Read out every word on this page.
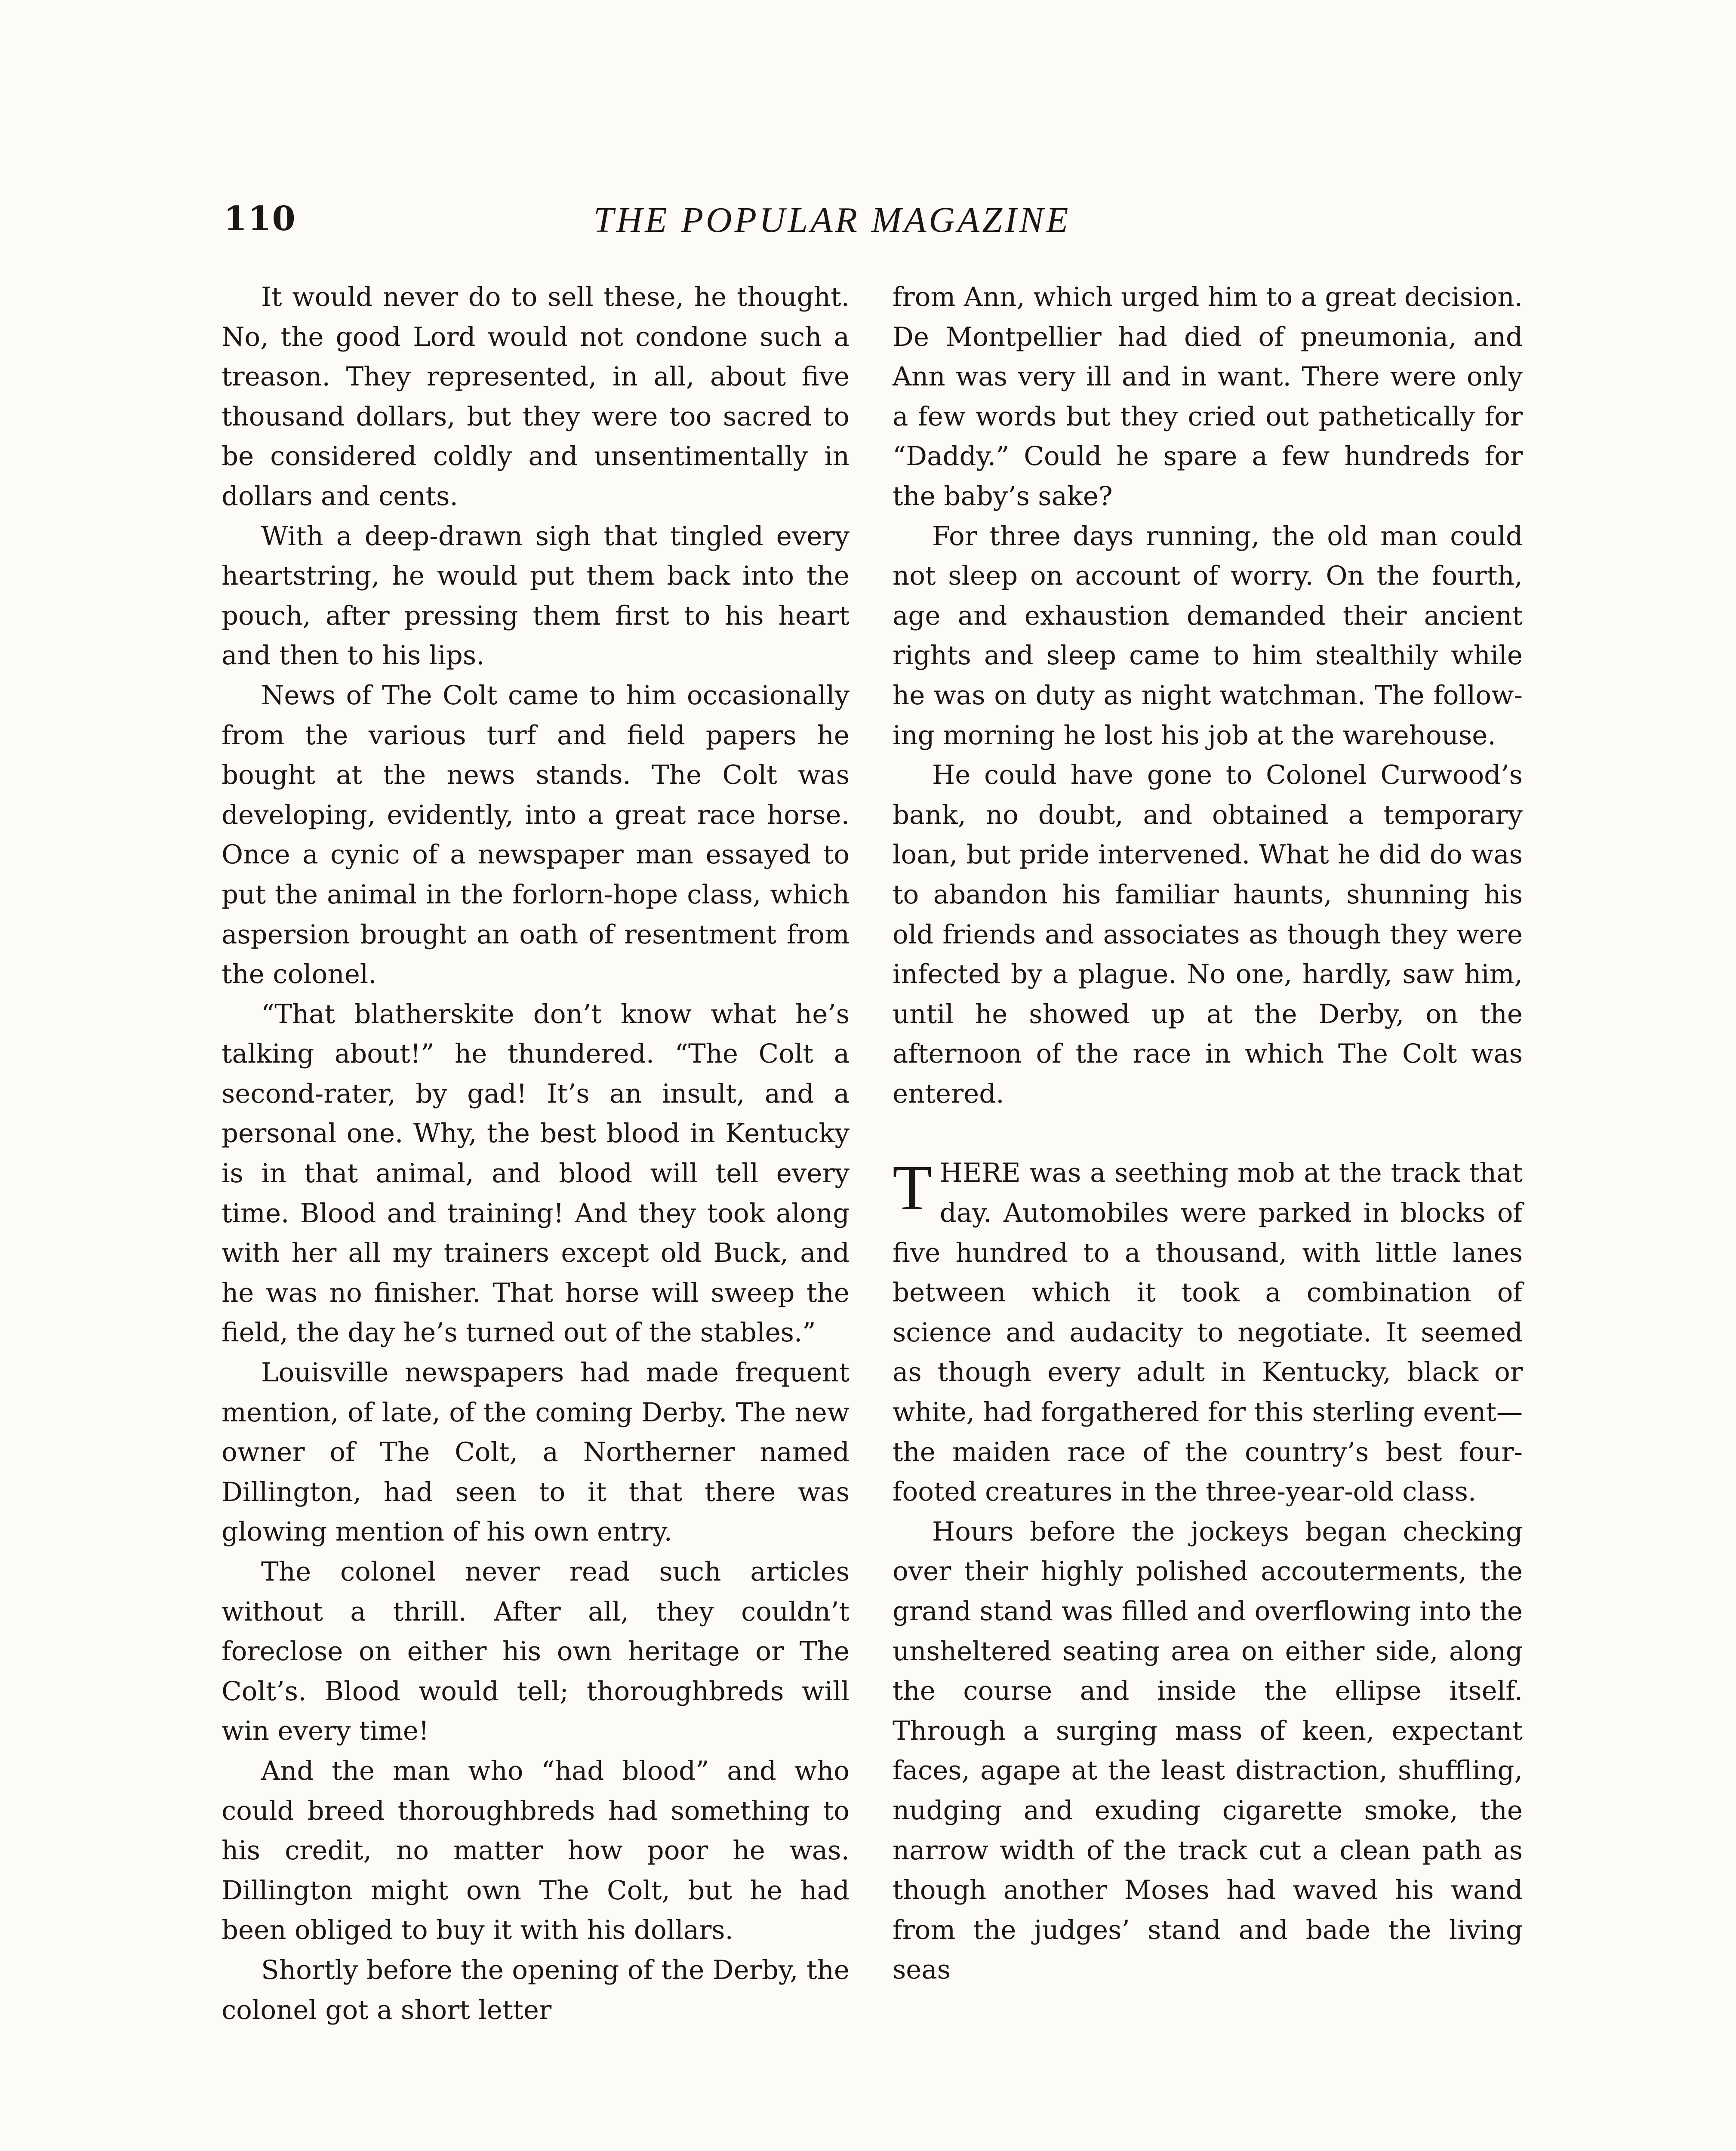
110	THE POPULAR MAGAZINE

It would never do to sell these, he thought. No, the good Lord would not condone such a treason. They represented, in all, about five thousand dollars, but they were too sacred to be considered coldly and unsentimentally in dollars and cents.

With a deep-drawn sigh that tingled every heartstring, he would put them back into the pouch, after pressing them first to his heart and then to his lips.

News of The Colt came to him occasionally from the various turf and field papers he bought at the news stands. The Colt was developing, evidently, into a great race horse. Once a cynic of a newspaper man essayed to put the animal in the forlorn-hope class, which aspersion brought an oath of resentment from the colonel.

“That blatherskite don’t know what he’s talking about!” he thundered. “The Colt a second-rater, by gad! It’s an insult, and a personal one. Why, the best blood in Kentucky is in that animal, and blood will tell every time. Blood and training! And they took along with her all my trainers except old Buck, and he was no finisher. That horse will sweep the field, the day he’s turned out of the stables.”

Louisville newspapers had made frequent mention, of late, of the coming Derby. The new owner of The Colt, a Northerner named Dillington, had seen to it that there was glowing mention of his own entry.

The colonel never read such articles without a thrill. After all, they couldn’t foreclose on either his own heritage or The Colt’s. Blood would tell; thoroughbreds will win every time!

And the man who “had blood” and who could breed thoroughbreds had something to his credit, no matter how poor he was. Dillington might own The Colt, but he had been obliged to buy it with his dollars.

Shortly before the opening of the Derby, the colonel got a short letter

from Ann, which urged him to a great decision. De Montpellier had died of pneumonia, and Ann was very ill and in want. There were only a few words but they cried out pathetically for “Daddy.” Could he spare a few hundreds for the baby’s sake?

For three days running, the old man could not sleep on account of worry. On the fourth, age and exhaustion demanded their ancient rights and sleep came to him stealthily while he was on duty as night watchman. The following morning he lost his job at the warehouse.

He could have gone to Colonel Curwood’s bank, no doubt, and obtained a temporary loan, but pride intervened. What he did do was to abandon his familiar haunts, shunning his old friends and associates as though they were infected by a plague. No one, hardly, saw him, until he showed up at the Derby, on the afternoon of the race in which The Colt was entered.

THERE was a seething mob at the track that day. Automobiles were parked in blocks of five hundred to a thousand, with little lanes between which it took a combination of science and audacity to negotiate. It seemed as though every adult in Kentucky, black or white, had forgathered for this sterling event—the maiden race of the country’s best four-footed creatures in the three-year-old class.

Hours before the jockeys began checking over their highly polished accouterments, the grand stand was filled and overflowing into the unsheltered seating area on either side, along the course and inside the ellipse itself. Through a surging mass of keen, expectant faces, agape at the least distraction, shuffling, nudging and exuding cigarette smoke, the narrow width of the track cut a clean path as though another Moses had waved his wand from the judges’ stand and bade the living seas
